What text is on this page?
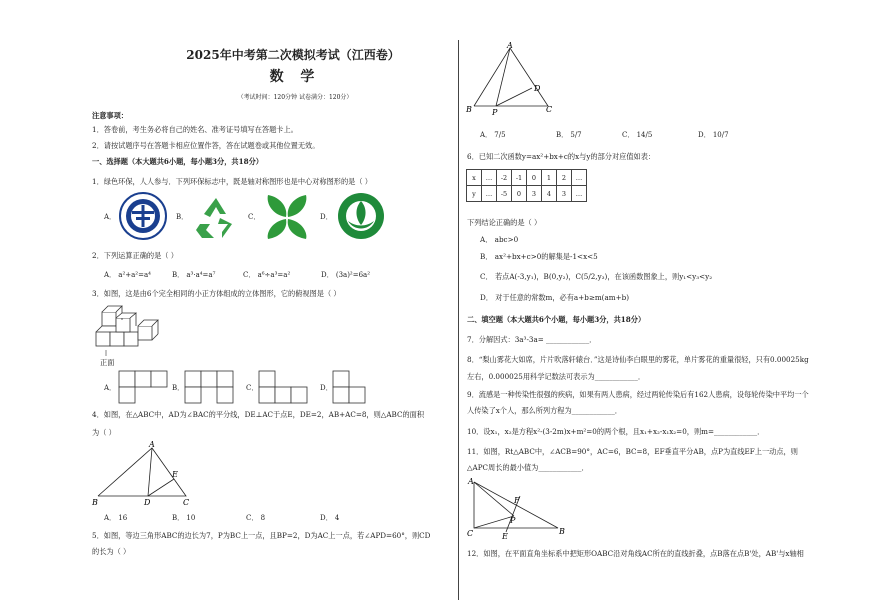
2025年中考第二次模拟考试（江西卷）
数 学
（考试时间：120分钟 试卷满分：120分）
注意事项：
1．答卷前，考生务必将自己的姓名、准考证号填写在答题卡上。
2．请按试题序号在答题卡相应位置作答，答在试题卷或其他位置无效。
一、选择题（本大题共6小题，每小题3分，共18分）
1．绿色环保，人人参与．下列环保标志中，既是轴对称图形也是中心对称图形的是（ ）
A．	B．	C．	D．
2．下列运算正确的是（ ）
A． a²+a²=a⁴	B． a³·a⁴=a⁷	C． a⁶÷a³=a²	D． (3a)²=6a²
3．如图，这是由6个完全相同的小正方体组成的立体图形，它的俯视图是（ ）
正面
A．	B．	C．	D．
4．如图，在△ABC中，AD为∠BAC的平分线，DE⊥AC于点E，DE=2，AB+AC=8，则△ABC的面积
为（ ）
A
B	D	C
E
A． 16	B． 10	C． 8	D． 4
5．如图，等边三角形ABC的边长为7，P为BC上一点，且BP=2，D为AC上一点，若∠APD=60°，则CD
的长为（ ）
A
B	P	C
D
A． 7/5	B． 5/7	C． 14/5	D． 10/7
6．已知二次函数y=ax²+bx+c的x与y的部分对应值如表：
x	…	-2	-1	0	1	2	…
y	…	-5	0	3	4	3	…
下列结论正确的是（ ）
A． abc>0
B． ax²+bx+c>0的解集是-1<x<5
C． 若点A(-3,y₁)，B(0,y₂)，C(5/2,y₃)，在该函数图象上，则y₁<y₃<y₂
D． 对于任意的常数m，必有a+b≥m(am+b)
二、填空题（本大题共6个小题，每小题3分，共18分）
7．分解因式：3a³-3a= ____________．
8．“梨山雾花大如席，片片吹落轩辕台．”这是诗仙李白眼里的雾花，单片雾花的重量很轻，只有0.00025kg
左右，0.000025用科学记数法可表示为____________．
9．流感是一种传染性很强的疾病，如果有两人患病，经过两轮传染后有162人患病，设每轮传染中平均一个
人传染了x个人，那么所列方程为____________．
10．设x₁，x₂是方程x²-(3-2m)x+m²=0的两个根，且x₁+x₂-x₁x₂=0，则m=____________．
11．如图，Rt△ABC中，∠ACB=90°，AC=6，BC=8，EF垂直平分AB，点P为直线EF上一动点，则
△APC周长的最小值为____________．
A
F
P
C	E
B
12．如图，在平面直角坐标系中把矩形OABC沿对角线AC所在的直线折叠，点B落在点B'处，AB'与x轴相
